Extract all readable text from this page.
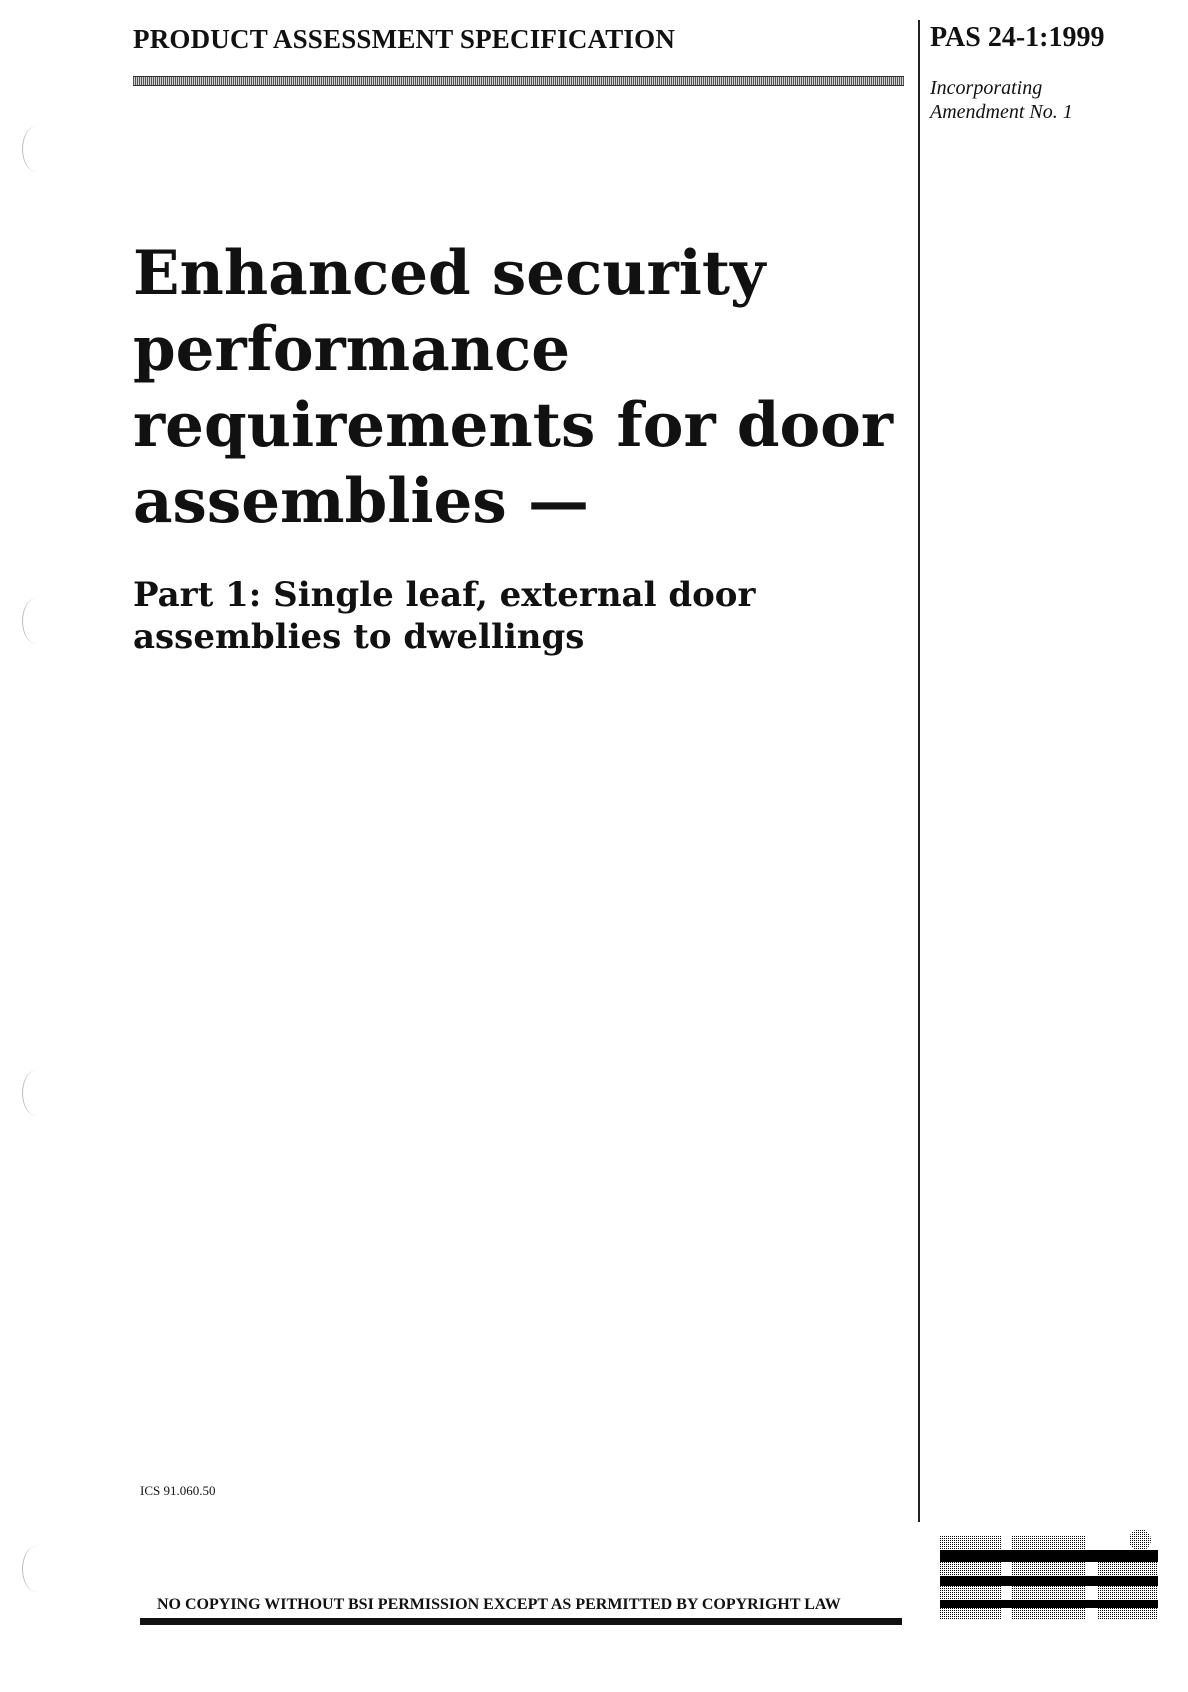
PRODUCT ASSESSMENT SPECIFICATION	PAS 24-1:1999
Incorporating
Amendment No. 1
Enhanced security performance requirements for door assemblies —
Part 1: Single leaf, external door assemblies to dwellings
ICS 91.060.50
NO COPYING WITHOUT BSI PERMISSION EXCEPT AS PERMITTED BY COPYRIGHT LAW
